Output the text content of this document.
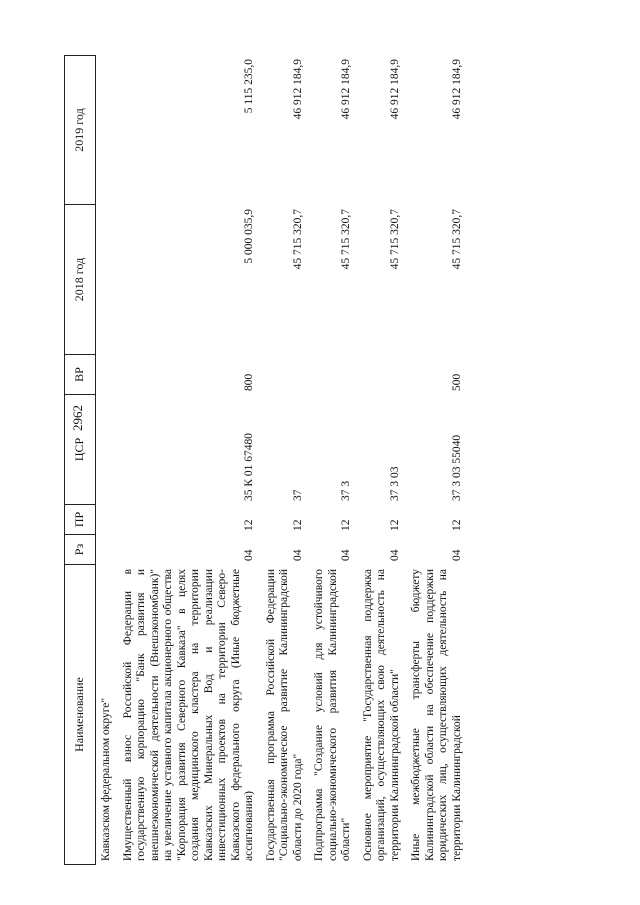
2962
Наименование
Рз
ПР
ЦСР
ВР
2018 год
2019 год
Кавказском федеральном округе" Имущественный взнос Российской Федерации в государственную корпорацию "Банк развития и внешнеэкономической деятельности (Внешэкономбанк)" на увеличение уставного капитала акционерного общества "Корпорация развития Северного Кавказа" в целях создания медицинского кластера на территории Кавказских Минеральных Вод и реализации инвестиционных проектов на территории Северо-Кавказского федерального округа (Иные бюджетные ассигнования)
04
12
35 К 01 67480
800
5 000 035,9
5 115 235,0
Государственная программа Российской Федерации "Социально-экономическое развитие Калининградской области до 2020 года"
04
12
37
45 715 320,7
46 912 184,9
Подпрограмма "Создание условий для устойчивого социально-экономического развития Калининградской области"
04
12
37 3
45 715 320,7
46 912 184,9
Основное мероприятие "Государственная поддержка организаций, осуществляющих свою деятельность на территории Калининградской области"
04
12
37 3 03
45 715 320,7
46 912 184,9
Иные межбюджетные трансферты бюджету Калининградской области на обеспечение поддержки юридических лиц, осуществляющих деятельность на территории Калининградской
04
12
37 3 03 55040
500
45 715 320,7
46 912 184,9
